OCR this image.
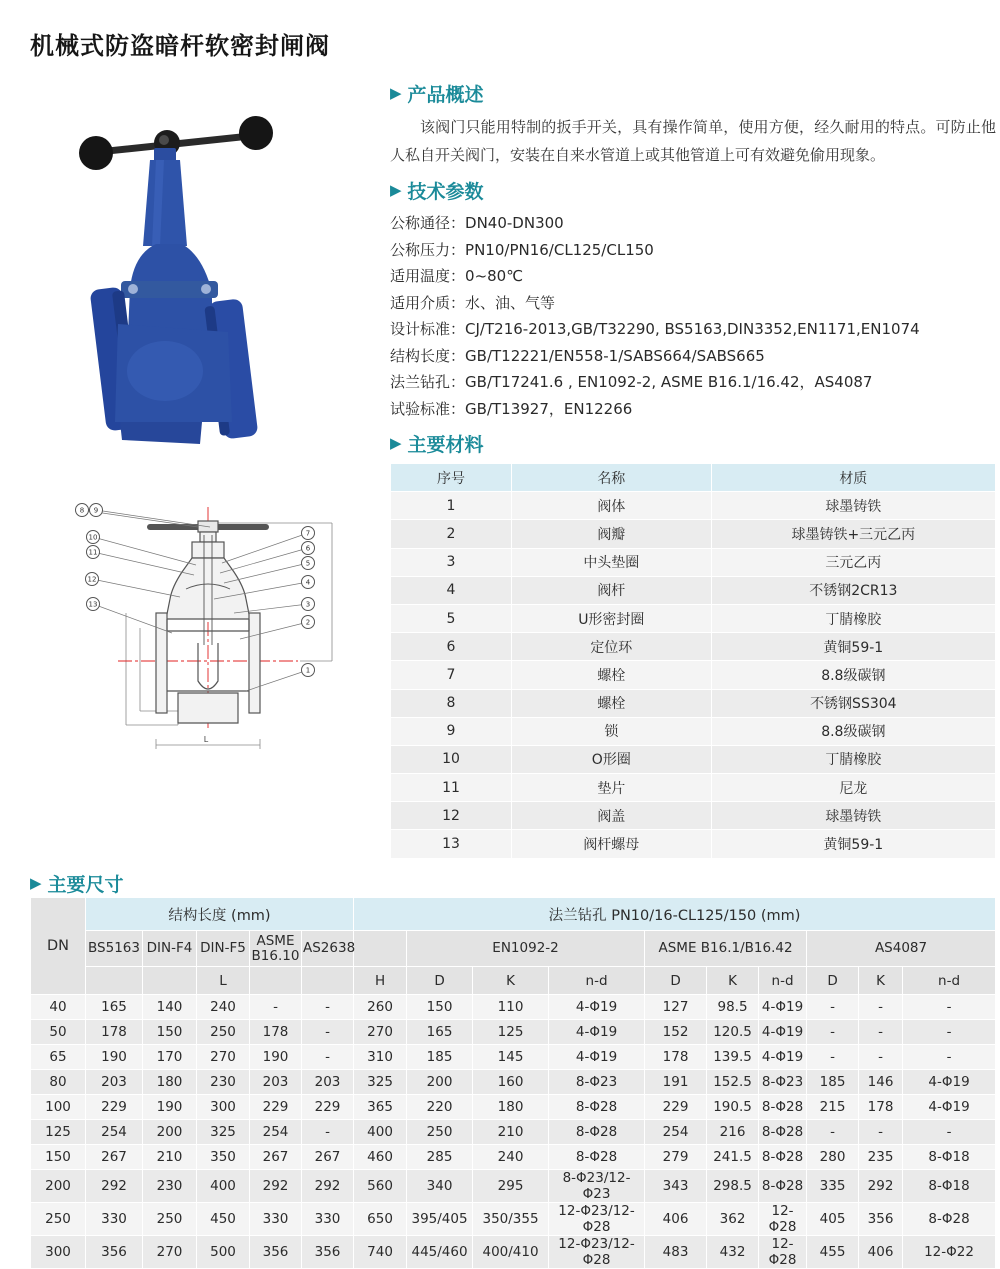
机械式防盗暗杆软密封闸阀
L
8 9
10
11
12
13
7
6
5
4
3
2
1
▶ 产品概述

该阀门只能用特制的扳手开关，具有操作简单，使用方便，经久耐用的特点。可防止他人私自开关阀门，安装在自来水管道上或其他管道上可有效避免偷用现象。

▶ 技术参数
公称通径 ： DN40-DN300
公称压力 ： PN10/PN16/CL125/CL150
适用温度 ： 0~80℃
适用介质 ： 水、油、气等
设计标准 ： CJ/T216-2013,GB/T32290, BS5163,DIN3352,EN1171,EN1074
结构长度 ： GB/T12221/EN558-1/SABS664/SABS665
法兰钻孔 ： GB/T17241.6 , EN1092-2, ASME B16.1/16.42，AS4087
试验标准 ： GB/T13927，EN12266
▶ 主要材料
序号	名称	材质
1	阀体	球墨铸铁
2	阀瓣	球墨铸铁+三元乙丙
3	中头垫圈	三元乙丙
4	阀杆	不锈钢2CR13
5	U形密封圈	丁腈橡胶
6	定位环	黄铜59-1
7	螺栓	8.8级碳钢
8	螺栓	不锈钢SS304
9	锁	8.8级碳钢
10	O形圈	丁腈橡胶
11	垫片	尼龙
12	阀盖	球墨铸铁
13	阀杆螺母	黄铜59-1
▶ 主要尺寸
DN	结构长度 (mm)					法兰钻孔 PN10/16-CL125/150 (mm)									
	BS5163	DIN-F4	DIN-F5	ASME B16.10	AS2638		EN1092-2			ASME B16.1/B16.42			AS4087		
			L			H	D	K	n-d	D	K	n-d	D	K	n-d
40	165	140	240	-	-	260	150	110	4-Φ19	127	98.5	4-Φ19	-	-	-
50	178	150	250	178	-	270	165	125	4-Φ19	152	120.5	4-Φ19	-	-	-
65	190	170	270	190	-	310	185	145	4-Φ19	178	139.5	4-Φ19	-	-	-
80	203	180	230	203	203	325	200	160	8-Φ23	191	152.5	8-Φ23	185	146	4-Φ19
100	229	190	300	229	229	365	220	180	8-Φ28	229	190.5	8-Φ28	215	178	4-Φ19
125	254	200	325	254	-	400	250	210	8-Φ28	254	216	8-Φ28	-	-	-
150	267	210	350	267	267	460	285	240	8-Φ28	279	241.5	8-Φ28	280	235	8-Φ18
200	292	230	400	292	292	560	340	295	8-Φ23/12-Φ23	343	298.5	8-Φ28	335	292	8-Φ18
250	330	250	450	330	330	650	395/405	350/355	12-Φ23/12-Φ28	406	362	12-Φ28	405	356	8-Φ28
300	356	270	500	356	356	740	445/460	400/410	12-Φ23/12-Φ28	483	432	12-Φ28	455	406	12-Φ22
